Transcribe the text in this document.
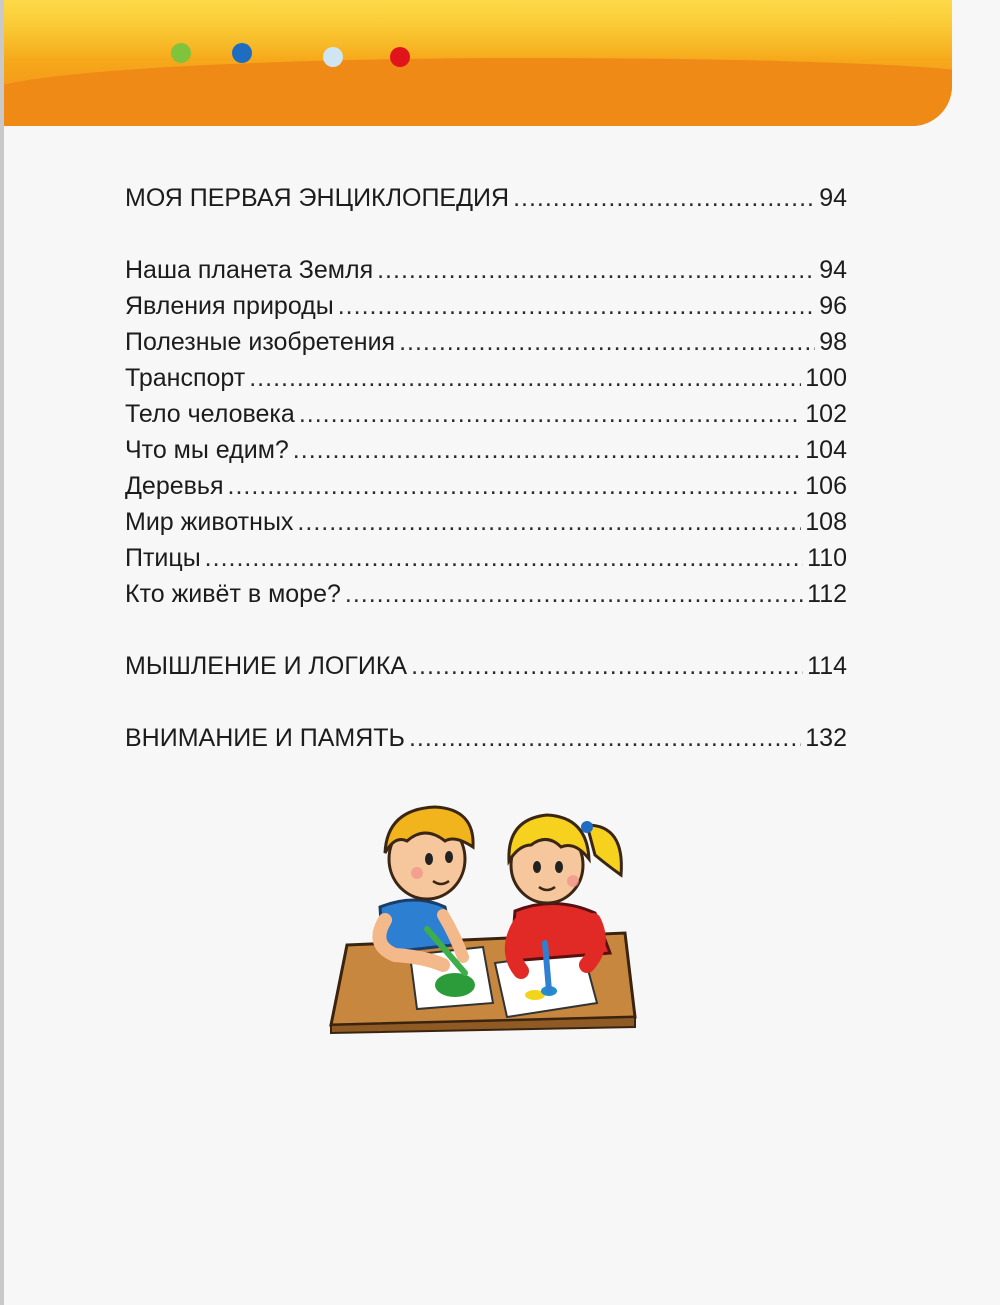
МОЯ ПЕРВАЯ ЭНЦИКЛОПЕДИЯ .....	94
Наша планета Земля .....	94
Явления природы .....	96
Полезные изобретения .....	98
Транспорт .....	100
Тело человека .....	102
Что мы едим? .....	104
Деревья .....	106
Мир животных .....	108
Птицы .....	110
Кто живёт в море? .....	112
МЫШЛЕНИЕ И ЛОГИКА .....	114
ВНИМАНИЕ И ПАМЯТЬ .....	132
